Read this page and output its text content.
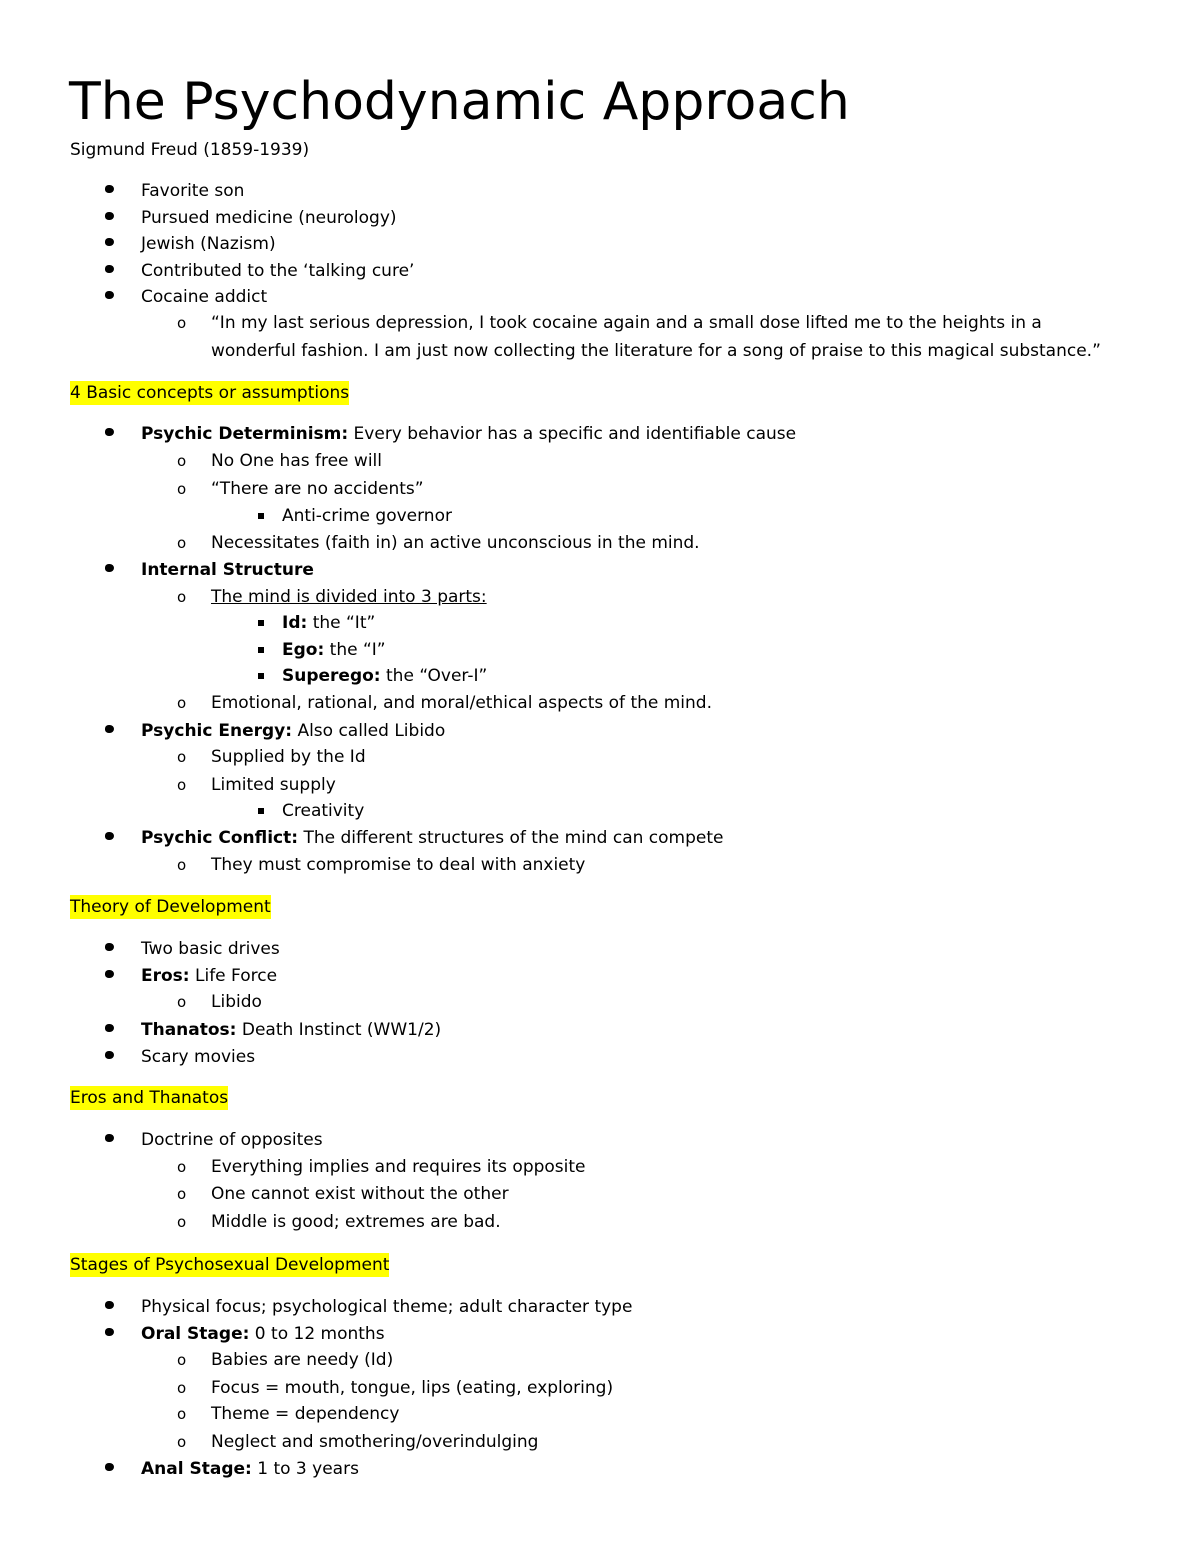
The Psychodynamic Approach
Sigmund Freud (1859-1939)
Favorite son
Pursued medicine (neurology)
Jewish (Nazism)
Contributed to the ‘talking cure’
Cocaine addict
o “In my last serious depression, I took cocaine again and a small dose lifted me to the heights in a
wonderful fashion. I am just now collecting the literature for a song of praise to this magical substance.”
4 Basic concepts or assumptions
Psychic Determinism: Every behavior has a specific and identifiable cause
o No One has free will
o “There are no accidents”
Anti-crime governor
o Necessitates (faith in) an active unconscious in the mind.
Internal Structure
o The mind is divided into 3 parts:
Id: the “It”
Ego: the “I”
Superego: the “Over-I”
o Emotional, rational, and moral/ethical aspects of the mind.
Psychic Energy: Also called Libido
o Supplied by the Id
o Limited supply
Creativity
Psychic Conflict: The different structures of the mind can compete
o They must compromise to deal with anxiety
Theory of Development
Two basic drives
Eros: Life Force
o Libido
Thanatos: Death Instinct (WW1/2)
Scary movies
Eros and Thanatos
Doctrine of opposites
o Everything implies and requires its opposite
o One cannot exist without the other
o Middle is good; extremes are bad.
Stages of Psychosexual Development
Physical focus; psychological theme; adult character type
Oral Stage: 0 to 12 months
o Babies are needy (Id)
o Focus = mouth, tongue, lips (eating, exploring)
o Theme = dependency
o Neglect and smothering/overindulging
Anal Stage: 1 to 3 years
